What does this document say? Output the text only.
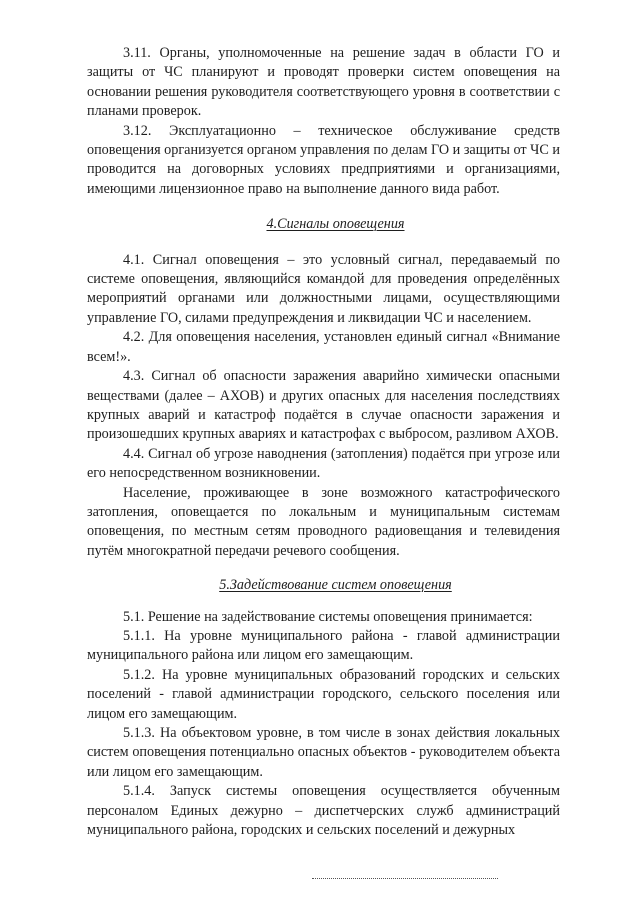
3.11. Органы, уполномоченные на решение задач в области ГО и защиты от ЧС планируют и проводят проверки систем оповещения на основании решения руководителя соответствующего уровня в соответствии с планами проверок.

3.12. Эксплуатационно – техническое обслуживание средств оповещения организуется органом управления по делам ГО и защиты от ЧС и проводится на договорных условиях предприятиями и организациями, имеющими лицензионное право на выполнение данного вида работ.

4.Сигналы оповещения

4.1. Сигнал оповещения – это условный сигнал, передаваемый по системе оповещения, являющийся командой для проведения определённых мероприятий органами или должностными лицами, осуществляющими управление ГО, силами предупреждения и ликвидации ЧС и населением.

4.2. Для оповещения населения, установлен единый сигнал «Внимание всем!».

4.3. Сигнал об опасности заражения аварийно химически опасными веществами (далее – АХОВ) и других опасных для населения последствиях крупных аварий и катастроф подаётся в случае опасности заражения и произошедших крупных авариях и катастрофах с выбросом, разливом АХОВ.

4.4. Сигнал об угрозе наводнения (затопления) подаётся при угрозе или его непосредственном возникновении.

Население, проживающее в зоне возможного катастрофического затопления, оповещается по локальным и муниципальным системам оповещения, по местным сетям проводного радиовещания и телевидения путём многократной передачи речевого сообщения.

5.Задействование систем оповещения

5.1. Решение на задействование системы оповещения принимается:

5.1.1. На уровне муниципального района - главой администрации муниципального района или лицом его замещающим.

5.1.2. На уровне муниципальных образований городских и сельских поселений - главой администрации городского, сельского поселения или лицом его замещающим.

5.1.3. На объектовом уровне, в том числе в зонах действия локальных систем оповещения потенциально опасных объектов - руководителем объекта или лицом его замещающим.

5.1.4. Запуск системы оповещения осуществляется обученным персоналом Единых дежурно – диспетчерских служб администраций муниципального района, городских и сельских поселений и дежурных
